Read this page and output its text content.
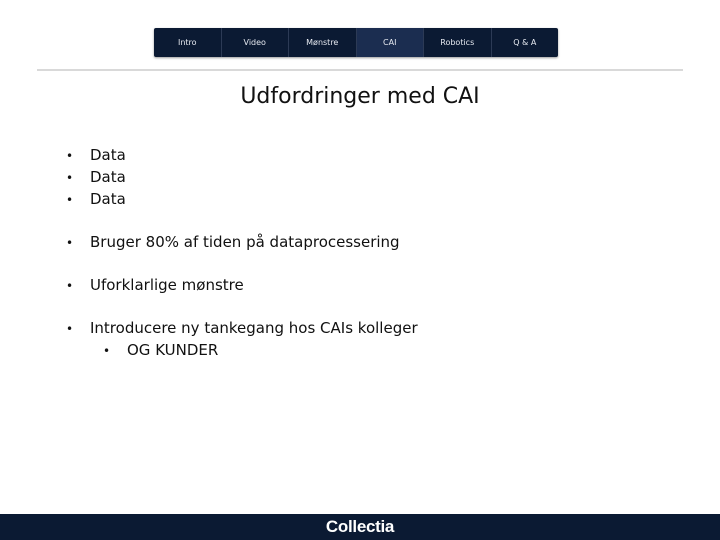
Intro	Video	Mønstre	CAI	Robotics	Q & A
Udfordringer med CAI
• Data
• Data
• Data
• Bruger 80% af tiden på dataprocessering
• Uforklarlige mønstre
• Introducere ny tankegang hos CAIs kolleger
• OG KUNDER
Collectia
